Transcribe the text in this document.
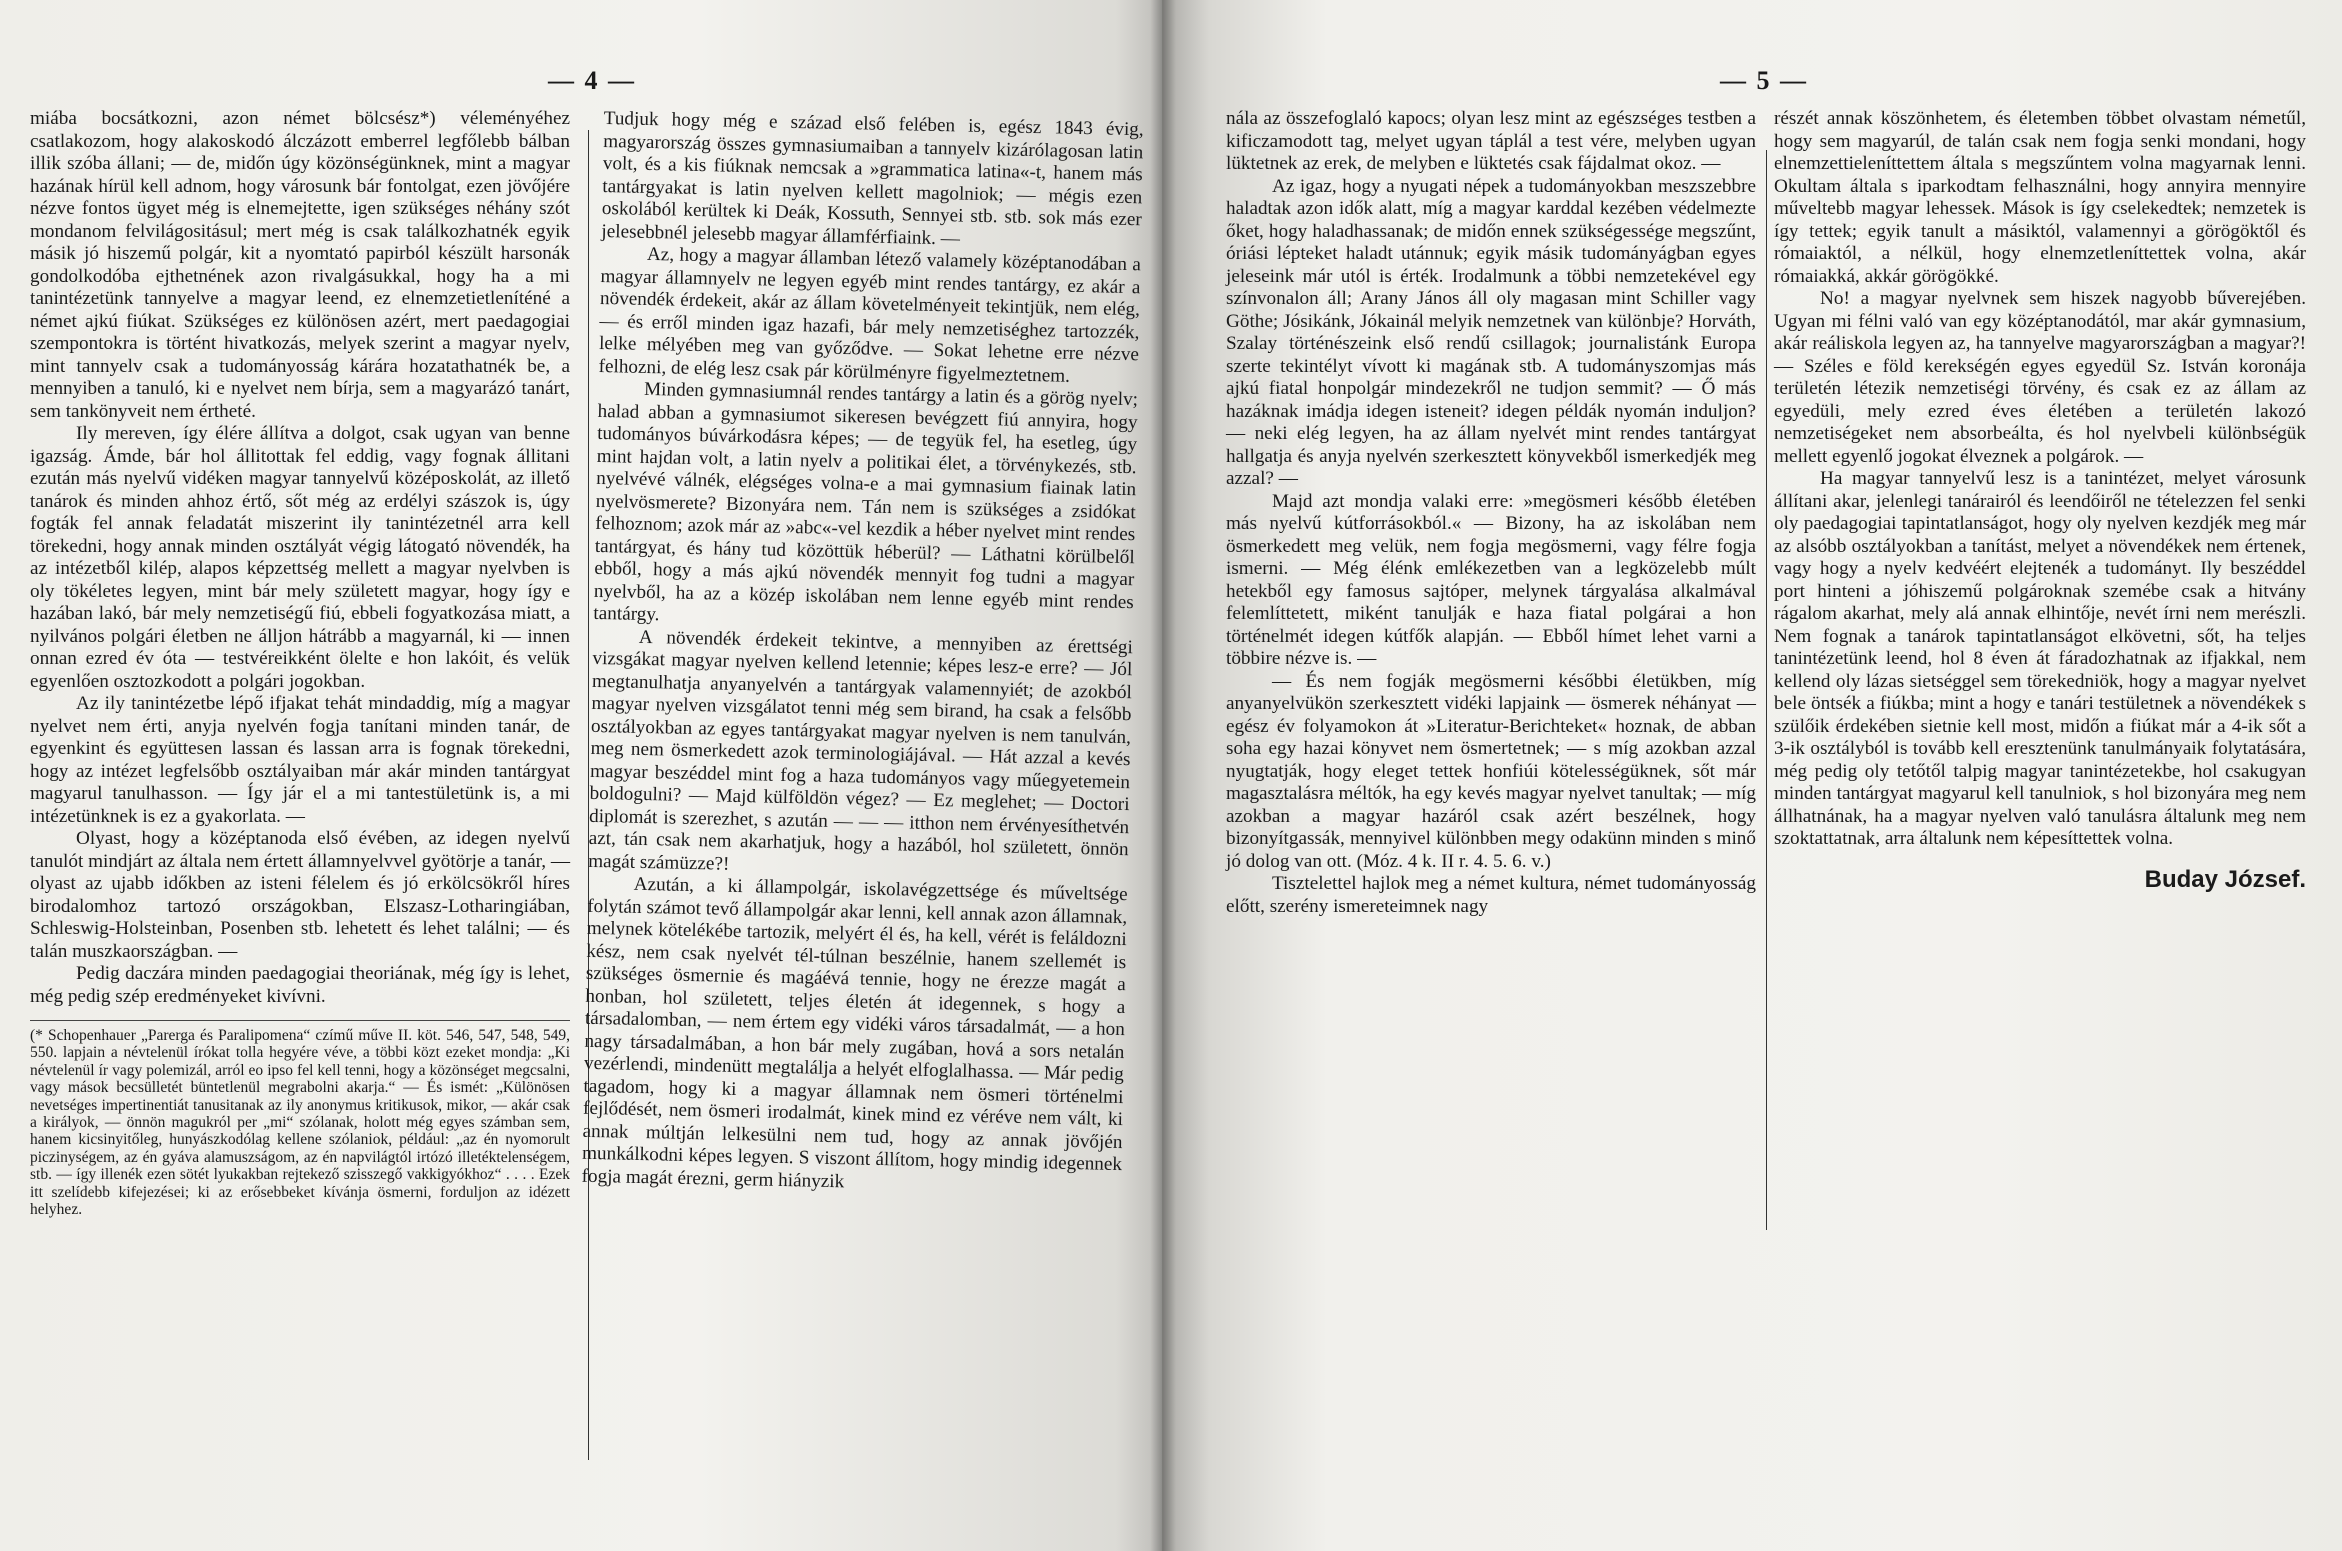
— 4 —

miába bocsátkozni, azon német bölcsész*) véleményéhez csatlakozom, hogy alakoskodó álczázott emberrel legfőlebb bálban illik szóba állani; — de, midőn úgy közönségünknek, mint a magyar hazának hírül kell adnom, hogy városunk bár fontolgat, ezen jövőjére nézve fontos ügyet még is elnemejtette, igen szükséges néhány szót mondanom felvilágositásul; mert még is csak találkozhatnék egyik másik jó hiszemű polgár, kit a nyomtató papirból készült harsonák gondolkodóba ejthetnének azon rivalgásukkal, hogy ha a mi tanintézetünk tannyelve a magyar leend, ez elnemzetietleníténé a német ajkú fiúkat. Szükséges ez különösen azért, mert paedagogiai szempontokra is történt hivatkozás, melyek szerint a magyar nyelv, mint tannyelv csak a tudományosság kárára hozatathatnék be, a mennyiben a tanuló, ki e nyelvet nem bírja, sem a magyarázó tanárt, sem tankönyveit nem értheté.

Ily mereven, így élére állítva a dolgot, csak ugyan van benne igazság. Ámde, bár hol állitottak fel eddig, vagy fognak állitani ezután más nyelvű vidéken magyar tannyelvű középoskolát, az illető tanárok és minden ahhoz értő, sőt még az erdélyi szászok is, úgy fogták fel annak feladatát miszerint ily tanintézetnél arra kell törekedni, hogy annak minden osztályát végig látogató növendék, ha az intézetből kilép, alapos képzettség mellett a magyar nyelvben is oly tökéletes legyen, mint bár mely született magyar, hogy így e hazában lakó, bár mely nemzetiségű fiú, ebbeli fogyatkozása miatt, a nyilvános polgári életben ne álljon hátrább a magyarnál, ki — innen onnan ezred év óta — testvéreikként ölelte e hon lakóit, és velük egyenlően osztozkodott a polgári jogokban.

Az ily tanintézetbe lépő ifjakat tehát mindaddig, míg a magyar nyelvet nem érti, anyja nyelvén fogja tanítani minden tanár, de egyenkint és együttesen lassan és lassan arra is fognak törekedni, hogy az intézet legfelsőbb osztályaiban már akár minden tantárgyat magyarul tanulhasson. — Így jár el a mi tantestületünk is, a mi intézetünknek is ez a gyakorlata. —

Olyast, hogy a középtanoda első évében, az idegen nyelvű tanulót mindjárt az általa nem értett államnyelvvel gyötörje a tanár, — olyast az ujabb időkben az isteni félelem és jó erkölcsökről híres birodalomhoz tartozó országokban, Elszasz-Lotharingiában, Schleswig-Holsteinban, Posenben stb. lehetett és lehet találni; — és talán muszkaországban. —

Pedig daczára minden paedagogiai theoriának, még így is lehet, még pedig szép eredményeket kivívni.

(* Schopenhauer „Parerga és Paralipomena“ czímű műve II. köt. 546, 547, 548, 549, 550. lapjain a névtelenül írókat tolla hegyére véve, a többi közt ezeket mondja: „Ki névtelenül ír vagy polemizál, arról eo ipso fel kell tenni, hogy a közönséget megcsalni, vagy mások becsülletét büntetlenül megrabolni akarja.“ — És ismét: „Különösen nevetséges impertinentiát tanusitanak az ily anonymus kritikusok, mikor, — akár csak a királyok, — önnön magukról per „mi“ szólanak, holott még egyes számban sem, hanem kicsinyitőleg, hunyászkodólag kellene szólaniok, például: „az én nyomorult piczinységem, az én gyáva alamuszságom, az én napvilágtól irtózó illetéktelenségem, stb. — így illenék ezen sötét lyukakban rejtekező szisszegő vakkigyókhoz“ . . . . Ezek itt szelídebb kifejezései; ki az erősebbeket kívánja ösmerni, forduljon az idézett helyhez.

Tudjuk hogy még e század első felében is, egész 1843 évig, magyarország összes gymnasiumaiban a tannyelv kizárólagosan latin volt, és a kis fiúknak nemcsak a »grammatica latina«-t, hanem más tantárgyakat is latin nyelven kellett magolniok; — mégis ezen oskolából kerültek ki Deák, Kossuth, Sennyei stb. stb. sok más ezer jelesebbnél jelesebb magyar államférfiaink. —

Az, hogy a magyar államban létező valamely középtanodában a magyar államnyelv ne legyen egyéb mint rendes tantárgy, ez akár a növendék érdekeit, akár az állam követelményeit tekintjük, nem elég, — és erről minden igaz hazafi, bár mely nemzetiséghez tartozzék, lelke mélyében meg van győződve. — Sokat lehetne erre nézve felhozni, de elég lesz csak pár körülményre figyelmeztetnem.

Minden gymnasiumnál rendes tantárgy a latin és a görög nyelv; halad abban a gymnasiumot sikeresen bevégzett fiú annyira, hogy tudományos búvárkodásra képes; — de tegyük fel, ha esetleg, úgy mint hajdan volt, a latin nyelv a politikai élet, a törvénykezés, stb. nyelvévé válnék, elégséges volna-e a mai gymnasium fiainak latin nyelvösmerete? Bizonyára nem. Tán nem is szükséges a zsidókat felhoznom; azok már az »abc«-vel kezdik a héber nyelvet mint rendes tantárgyat, és hány tud közöttük héberül? — Láthatni körülbelől ebből, hogy a más ajkú növendék mennyit fog tudni a magyar nyelvből, ha az a közép iskolában nem lenne egyéb mint rendes tantárgy.

A növendék érdekeit tekintve, a mennyiben az érettségi vizsgákat magyar nyelven kellend letennie; képes lesz-e erre? — Jól megtanulhatja anyanyelvén a tantárgyak valamennyiét; de azokból magyar nyelven vizsgálatot tenni még sem birand, ha csak a felsőbb osztályokban az egyes tantárgyakat magyar nyelven is nem tanulván, meg nem ösmerkedett azok terminologiájával. — Hát azzal a kevés magyar beszéddel mint fog a haza tudományos vagy műegyetemein boldogulni? — Majd külföldön végez? — Ez meglehet; — Doctori diplomát is szerezhet, s azután — — — itthon nem érvényesíthetvén azt, tán csak nem akarhatjuk, hogy a hazából, hol született, önnön magát számüzze?!

Azután, a ki állampolgár, iskolavégzettsége és műveltsége folytán számot tevő állampolgár akar lenni, kell annak azon államnak, melynek kötelékébe tartozik, melyért él és, ha kell, vérét is feláldozni kész, nem csak nyelvét tél-túlnan beszélnie, hanem szellemét is szükséges ösmernie és magáévá tennie, hogy ne érezze magát a honban, hol született, teljes életén át idegennek, s hogy a társadalomban, — nem értem egy vidéki város társadalmát, — a hon nagy társadalmában, a hon bár mely zugában, hová a sors netalán vezérlendi, mindenütt megtalálja a helyét elfoglalhassa. — Már pedig tagadom, hogy ki a magyar államnak nem ösmeri történelmi fejlődését, nem ösmeri irodalmát, kinek mind ez véréve nem vált, ki annak múltján lelkesülni nem tud, hogy az annak jövőjén munkálkodni képes legyen. S viszont állítom, hogy mindig idegennek fogja magát érezni, germ hiányzik

— 5 —

nála az összefoglaló kapocs; olyan lesz mint az egészséges testben a kificzamodott tag, melyet ugyan táplál a test vére, melyben ugyan lüktetnek az erek, de melyben e lüktetés csak fájdalmat okoz. —

Az igaz, hogy a nyugati népek a tudományokban meszszebbre haladtak azon idők alatt, míg a magyar karddal kezében védelmezte őket, hogy haladhassanak; de midőn ennek szükségessége megszűnt, óriási lépteket haladt utánnuk; egyik másik tudományágban egyes jeleseink már utól is érték. Irodalmunk a többi nemzetekével egy színvonalon áll; Arany János áll oly magasan mint Schiller vagy Göthe; Jósikánk, Jókainál melyik nemzetnek van különbje? Horváth, Szalay történészeink első rendű csillagok; journalistánk Europa szerte tekintélyt vívott ki magának stb. A tudományszomjas más ajkú fiatal honpolgár mindezekről ne tudjon semmit? — Ő más hazáknak imádja idegen isteneit? idegen példák nyomán induljon? — neki elég legyen, ha az állam nyelvét mint rendes tantárgyat hallgatja és anyja nyelvén szerkesztett könyvekből ismerkedjék meg azzal? —

Majd azt mondja valaki erre: »megösmeri később életében más nyelvű kútforrásokból.« — Bizony, ha az iskolában nem ösmerkedett meg velük, nem fogja megösmerni, vagy félre fogja ismerni. — Még élénk emlékezetben van a legközelebb múlt hetekből egy famosus sajtóper, melynek tárgyalása alkalmával felemlíttetett, miként tanulják e haza fiatal polgárai a hon történelmét idegen kútfők alapján. — Ebből hímet lehet varni a többire nézve is. —

— És nem fogják megösmerni későbbi életükben, míg anyanyelvükön szerkesztett vidéki lapjaink — ösmerek néhányat — egész év folyamokon át »Literatur-Berichteket« hoznak, de abban soha egy hazai könyvet nem ösmertetnek; — s míg azokban azzal nyugtatják, hogy eleget tettek honfiúi kötelességüknek, sőt már magasztalásra méltók, ha egy kevés magyar nyelvet tanultak; — míg azokban a magyar hazáról csak azért beszélnek, hogy bizonyítgassák, mennyivel különbben megy odakünn minden s minő jó dolog van ott. (Móz. 4 k. II r. 4. 5. 6. v.)

Tisztelettel hajlok meg a német kultura, német tudományosság előtt, szerény ismereteimnek nagy

részét annak köszönhetem, és életemben többet olvastam németűl, hogy sem magyarúl, de talán csak nem fogja senki mondani, hogy elnemzettieleníttettem általa s megszűntem volna magyarnak lenni. Okultam általa s iparkodtam felhasználni, hogy annyira mennyire műveltebb magyar lehessek. Mások is így cselekedtek; nemzetek is így tettek; egyik tanult a másiktól, valamennyi a görögöktől és rómaiaktól, a nélkül, hogy elnemzetleníttettek volna, akár rómaiakká, akkár görögökké.

No! a magyar nyelvnek sem hiszek nagyobb bűverejében. Ugyan mi félni való van egy középtanodától, mar akár gymnasium, akár reáliskola legyen az, ha tannyelve magyarországban a magyar?! — Széles e föld kerekségén egyes egyedül Sz. István koronája területén létezik nemzetiségi törvény, és csak ez az állam az egyedüli, mely ezred éves életében a területén lakozó nemzetiségeket nem absorbeálta, és hol nyelvbeli különbségük mellett egyenlő jogokat élveznek a polgárok. —

Ha magyar tannyelvű lesz is a tanintézet, melyet városunk állítani akar, jelenlegi tanárairól és leendőiről ne tételezzen fel senki oly paedagogiai tapintatlanságot, hogy oly nyelven kezdjék meg már az alsóbb osztályokban a tanítást, melyet a növendékek nem értenek, vagy hogy a nyelv kedvéért elejtenék a tudományt. Ily beszéddel port hinteni a jóhiszemű polgároknak szemébe csak a hitvány rágalom akarhat, mely alá annak elhintője, nevét írni nem merészli. Nem fognak a tanárok tapintatlanságot elkövetni, sőt, ha teljes tanintézetünk leend, hol 8 éven át fáradozhatnak az ifjakkal, nem kellend oly lázas sietséggel sem törekedniök, hogy a magyar nyelvet bele öntsék a fiúkba; mint a hogy e tanári testületnek a növendékek s szülőik érdekében sietnie kell most, midőn a fiúkat már a 4-ik sőt a 3-ik osztályból is tovább kell eresztenünk tanulmányaik folytatására, még pedig oly tetőtől talpig magyar tanintézetekbe, hol csakugyan minden tantárgyat magyarul kell tanulniok, s hol bizonyára meg nem állhatnának, ha a magyar nyelven való tanulásra általunk meg nem szoktattatnak, arra általunk nem képesíttettek volna.

Buday József.
